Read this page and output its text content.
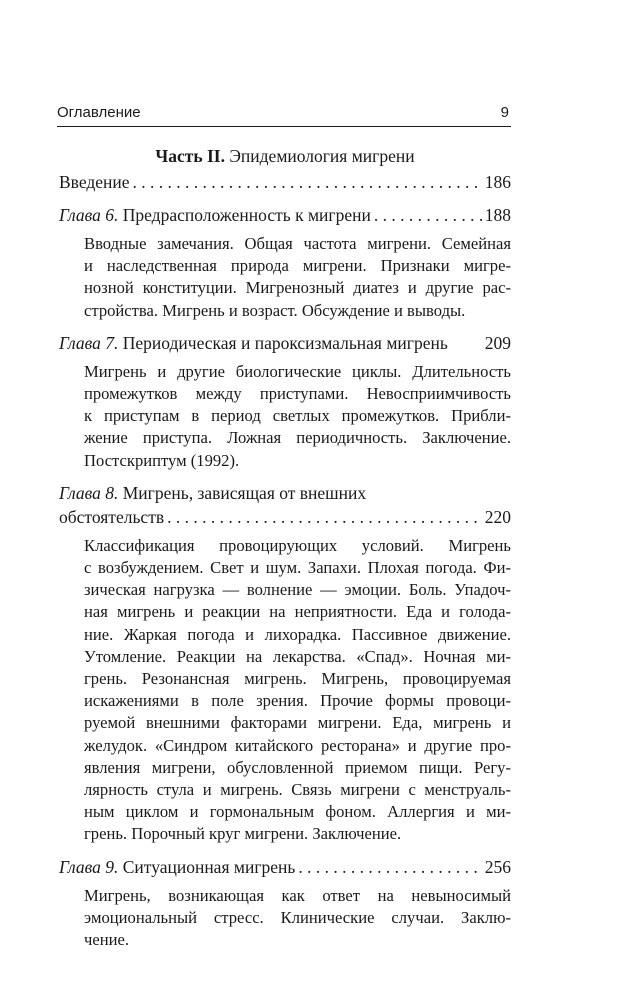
Оглавление	9
Часть II. Эпидемиология мигрени
Введение . . .	186
Глава 6. Предрасположенность к мигрени . . .	188
Вводные замечания. Общая частота мигрени. Семейная
и наследственная природа мигрени. Признаки мигре-
нозной конституции. Мигренозный диатез и другие рас-
стройства. Мигрень и возраст. Обсуждение и выводы.
Глава 7. Периодическая и пароксизмальная мигрень 209
Мигрень и другие биологические циклы. Длительность
промежутков между приступами. Невосприимчивость
к приступам в период светлых промежутков. Прибли-
жение приступа. Ложная периодичность. Заключение.
Постскриптум (1992).
Глава 8. Мигрень, зависящая от внешних
обстоятельств . . .	220
Классификация провоцирующих условий. Мигрень
с возбуждением. Свет и шум. Запахи. Плохая погода. Фи-
зическая нагрузка — волнение — эмоции. Боль. Упадоч-
ная мигрень и реакции на неприятности. Еда и голода-
ние. Жаркая погода и лихорадка. Пассивное движение.
Утомление. Реакции на лекарства. «Спад». Ночная ми-
грень. Резонансная мигрень. Мигрень, провоцируемая
искажениями в поле зрения. Прочие формы провоци-
руемой внешними факторами мигрени. Еда, мигрень и
желудок. «Синдром китайского ресторана» и другие про-
явления мигрени, обусловленной приемом пищи. Регу-
лярность стула и мигрень. Связь мигрени с менструаль-
ным циклом и гормональным фоном. Аллергия и ми-
грень. Порочный круг мигрени. Заключение.
Глава 9. Ситуационная мигрень . . .	256
Мигрень, возникающая как ответ на невыносимый
эмоциональный стресс. Клинические случаи. Заклю-
чение.
